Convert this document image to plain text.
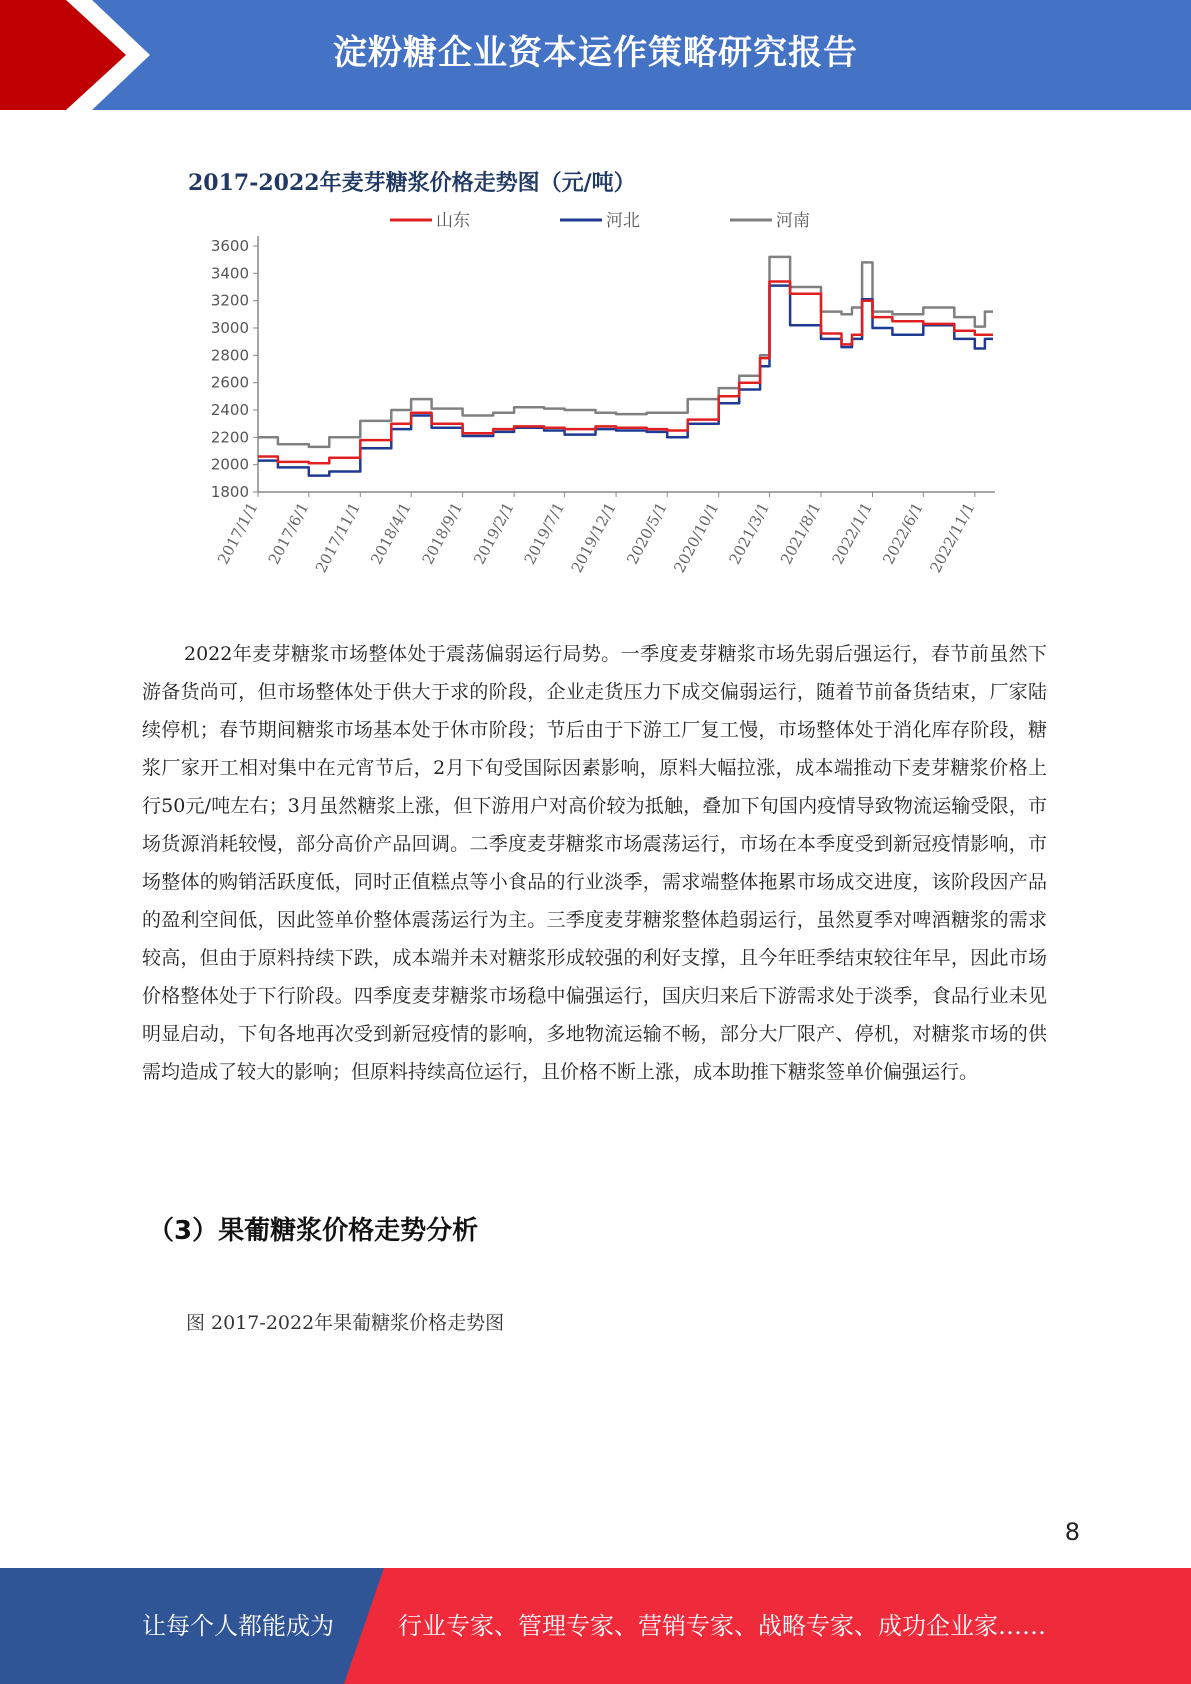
淀粉糖企业资本运作策略研究报告
2017-2022年麦芽糖浆价格走势图（元/吨）
山东	河北	河南
1800
2000
2200
2400
2600
2800
3000
3200
3400
3600
2017/1/1 2017/6/1 2017/11/1 2018/4/1 2018/9/1 2019/2/1 2019/7/1 2019/12/1 2020/5/1 2020/10/1 2021/3/1 2021/8/1 2022/1/1 2022/6/1 2022/11/1

2022年麦芽糖浆市场整体处于震荡偏弱运行局势。一季度麦芽糖浆市场先弱后强运行，春节前虽然下游备货尚可，但市场整体处于供大于求的阶段，企业走货压力下成交偏弱运行，随着节前备货结束，厂家陆续停机；春节期间糖浆市场基本处于休市阶段；节后由于下游工厂复工慢，市场整体处于消化库存阶段，糖浆厂家开工相对集中在元宵节后，2月下旬受国际因素影响，原料大幅拉涨，成本端推动下麦芽糖浆价格上行50元/吨左右；3月虽然糖浆上涨，但下游用户对高价较为抵触，叠加下旬国内疫情导致物流运输受限，市场货源消耗较慢，部分高价产品回调。二季度麦芽糖浆市场震荡运行，市场在本季度受到新冠疫情影响，市场整体的购销活跃度低，同时正值糕点等小食品的行业淡季，需求端整体拖累市场成交进度，该阶段因产品的盈利空间低，因此签单价整体震荡运行为主。三季度麦芽糖浆整体趋弱运行，虽然夏季对啤酒糖浆的需求较高，但由于原料持续下跌，成本端并未对糖浆形成较强的利好支撑，且今年旺季结束较往年早，因此市场价格整体处于下行阶段。四季度麦芽糖浆市场稳中偏强运行，国庆归来后下游需求处于淡季，食品行业未见明显启动，下旬各地再次受到新冠疫情的影响，多地物流运输不畅，部分大厂限产、停机，对糖浆市场的供需均造成了较大的影响；但原料持续高位运行，且价格不断上涨，成本助推下糖浆签单价偏强运行。

（3）果葡糖浆价格走势分析

图 2017-2022年果葡糖浆价格走势图

8
让每个人都能成为	行业专家、管理专家、营销专家、战略专家、成功企业家……
